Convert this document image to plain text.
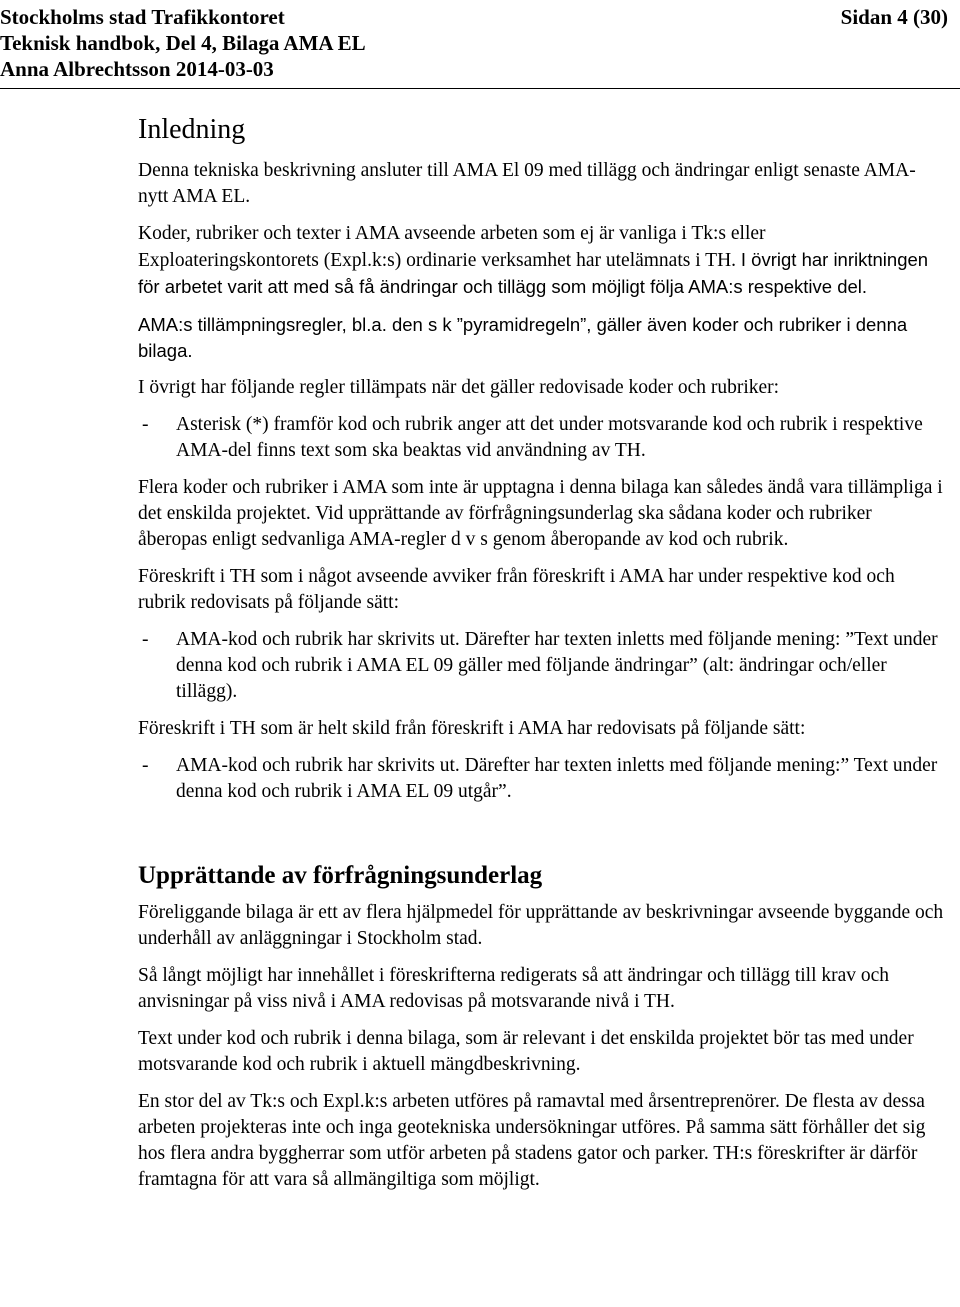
Stockholms stad Trafikkontoret
Teknisk handbok, Del 4, Bilaga AMA EL
Anna Albrechtsson 2014-03-03
Sidan 4 (30)
Inledning

Denna tekniska beskrivning ansluter till AMA El 09 med tillägg och ändringar enligt senaste AMA-nytt AMA EL.

Koder, rubriker och texter i AMA avseende arbeten som ej är vanliga i Tk:s eller Exploateringskontorets (Expl.k:s) ordinarie verksamhet har utelämnats i TH. I övrigt har inriktningen för arbetet varit att med så få ändringar och tillägg som möjligt följa AMA:s respektive del.

AMA:s tillämpningsregler, bl.a. den s k ”pyramidregeln”, gäller även koder och rubriker i denna bilaga.

I övrigt har följande regler tillämpats när det gäller redovisade koder och rubriker:

- Asterisk (*) framför kod och rubrik anger att det under motsvarande kod och rubrik i respektive AMA-del finns text som ska beaktas vid användning av TH.

Flera koder och rubriker i AMA som inte är upptagna i denna bilaga kan således ändå vara tillämpliga i det enskilda projektet. Vid upprättande av förfrågningsunderlag ska sådana koder och rubriker åberopas enligt sedvanliga AMA-regler d v s genom åberopande av kod och rubrik.

Föreskrift i TH som i något avseende avviker från föreskrift i AMA har under respektive kod och rubrik redovisats på följande sätt:

- AMA-kod och rubrik har skrivits ut. Därefter har texten inletts med följande mening: ”Text under denna kod och rubrik i AMA EL 09 gäller med följande ändringar” (alt: ändringar och/eller tillägg).

Föreskrift i TH som är helt skild från föreskrift i AMA har redovisats på följande sätt:

- AMA-kod och rubrik har skrivits ut. Därefter har texten inletts med följande mening:” Text under denna kod och rubrik i AMA EL 09 utgår”.
Upprättande av förfrågningsunderlag

Föreliggande bilaga är ett av flera hjälpmedel för upprättande av beskrivningar avseende byggande och underhåll av anläggningar i Stockholm stad.

Så långt möjligt har innehållet i föreskrifterna redigerats så att ändringar och tillägg till krav och anvisningar på viss nivå i AMA redovisas på motsvarande nivå i TH.

Text under kod och rubrik i denna bilaga, som är relevant i det enskilda projektet bör tas med under motsvarande kod och rubrik i aktuell mängdbeskrivning.

En stor del av Tk:s och Expl.k:s arbeten utföres på ramavtal med årsentreprenörer. De flesta av dessa arbeten projekteras inte och inga geotekniska undersökningar utföres. På samma sätt förhåller det sig hos flera andra byggherrar som utför arbeten på stadens gator och parker. TH:s föreskrifter är därför framtagna för att vara så allmängiltiga som möjligt.
